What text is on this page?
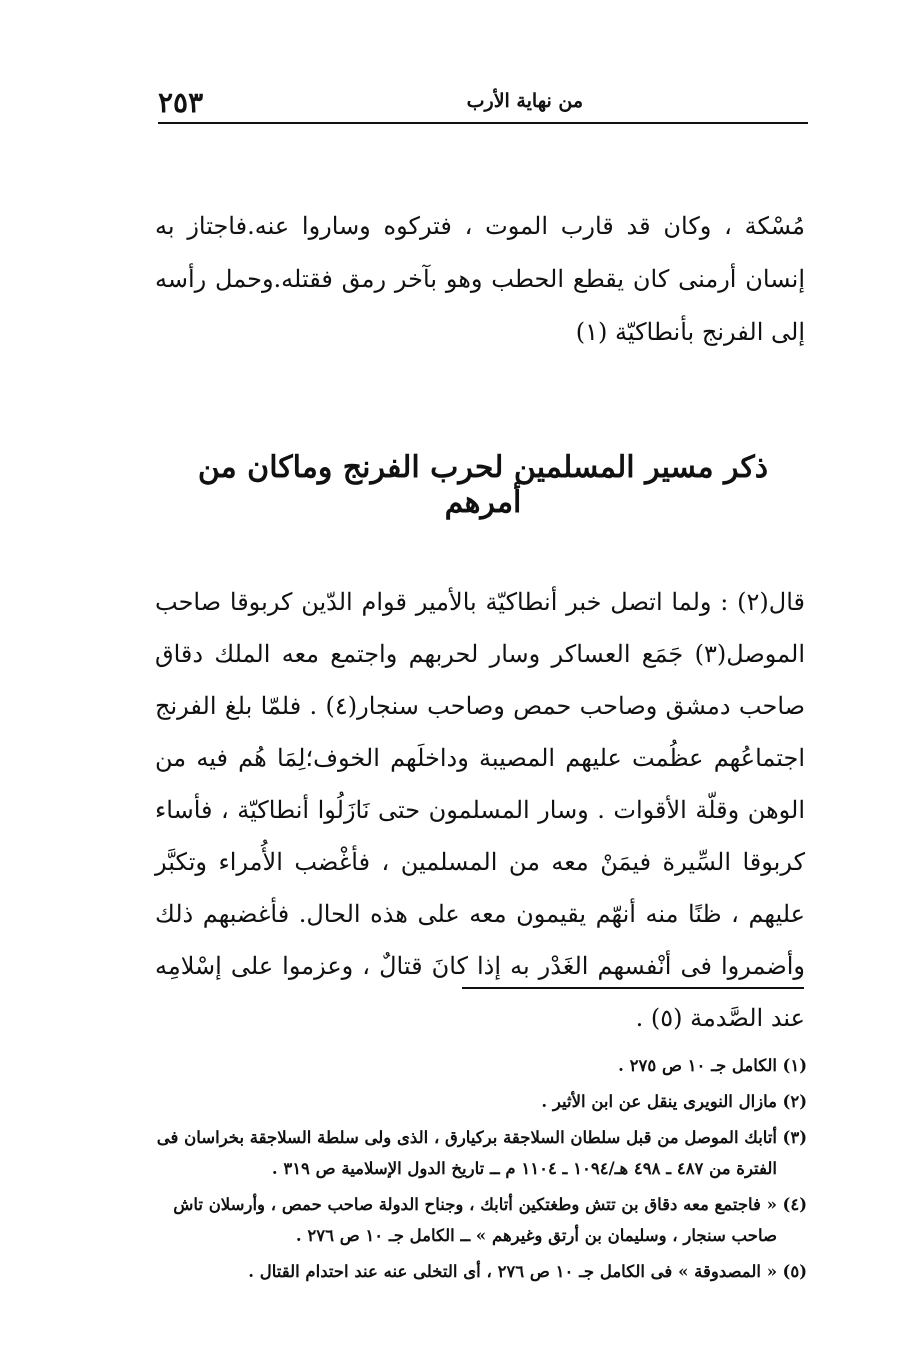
من نهاية الأرب
٢٥٣

مُسْكة ، وكان قد قارب الموت ، فتركوه وساروا عنه.فاجتاز به إنسان أرمنى كان يقطع الحطب وهو بآخر رمق فقتله.وحمل رأسه إلى الفرنج بأنطاكيّة (١)

ذكر مسير المسلمين لحرب الفرنج وماكان من أمرهم

قال(٢) : ولما اتصل خبر أنطاكيّة بالأمير قوام الدّين كربوقا صاحب الموصل(٣) جَمَع العساكر وسار لحربهم واجتمع معه الملك دقاق صاحب دمشق وصاحب حمص وصاحب سنجار(٤) . فلمّا بلغ الفرنج اجتماعُهم عظُمت عليهم المصيبة وداخلَهم الخوف؛لِمَا هُم فيه من الوهن وقلّة الأقوات . وسار المسلمون حتى نَازَلُوا أنطاكيّة ، فأساء كربوقا السِّيرة فيمَنْ معه من المسلمين ، فأغْضب الأُمراء وتكبَّر عليهم ، ظنًا منه أنهّم يقيمون معه على هذه الحال. فأغضبهم ذلك وأضمروا فى أنْفسهم الغَدْر به إذا كانَ قتالٌ ، وعزموا على إسْلامِه عند الصَّدمة (٥) .

(١)
الكامل جـ ١٠ ص ٢٧٥ .
(٢)
مازال النويرى ينقل عن ابن الأثير .
(٣)
أتابك الموصل من قبل سلطان السلاجقة بركيارق ، الذى ولى سلطة السلاجقة بخراسان فى الفترة من ٤٨٧ ـ ٤٩٨ هـ/١٠٩٤ ـ ١١٠٤ م ــ تاريخ الدول الإسلامية ص ٣١٩ .
(٤)
« فاجتمع معه دقاق بن تتش وطغتكين أتابك ، وجناح الدولة صاحب حمص ، وأرسلان تاش صاحب سنجار ، وسليمان بن أرتق وغيرهم » ــ الكامل جـ ١٠ ص ٢٧٦ .
(٥)
« المصدوقة » فى الكامل جـ ١٠ ص ٢٧٦ ، أى التخلى عنه عند احتدام القتال .
